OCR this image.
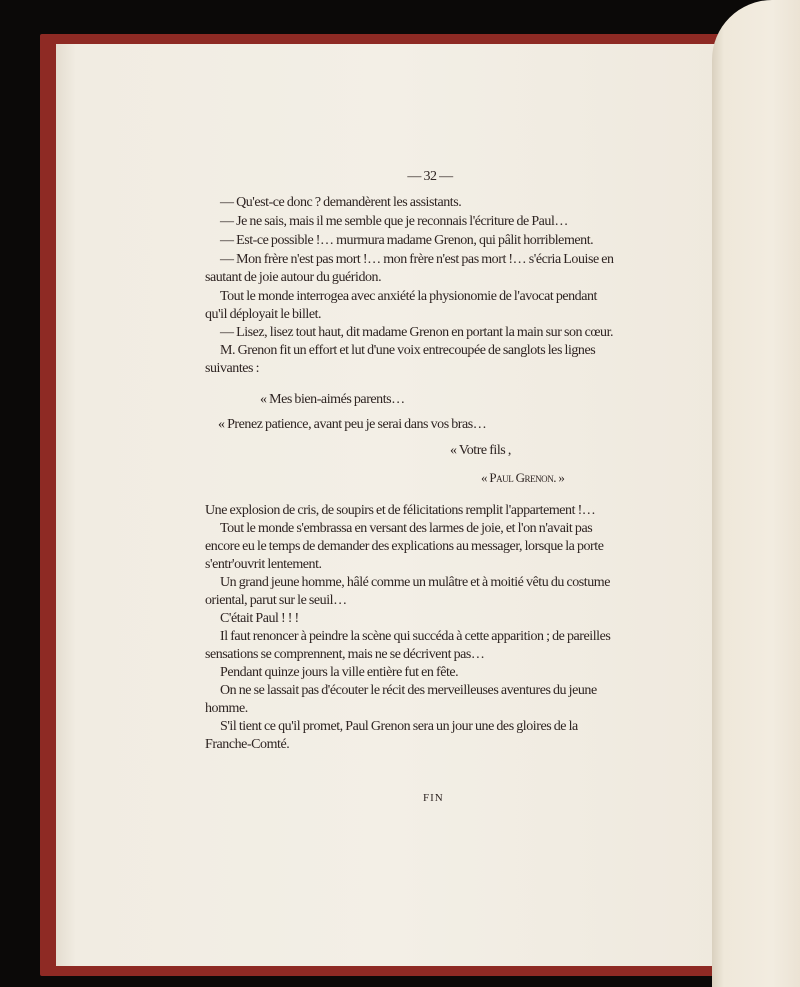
— 32 —
— Qu'est-ce donc ? demandèrent les assistants.
— Je ne sais, mais il me semble que je reconnais l'écriture de Paul…
— Est-ce possible !… murmura madame Grenon, qui pâlit horriblement.
— Mon frère n'est pas mort !… mon frère n'est pas mort !… s'écria Louise en
sautant de joie autour du guéridon.
Tout le monde interrogea avec anxiété la physionomie de l'avocat pendant
qu'il déployait le billet.
— Lisez, lisez tout haut, dit madame Grenon en portant la main sur son cœur.
M. Grenon fit un effort et lut d'une voix entrecoupée de sanglots les lignes
suivantes :
« Mes bien-aimés parents…
« Prenez patience, avant peu je serai dans vos bras…
« Votre fils ,
« Paul Grenon. »
Une explosion de cris, de soupirs et de félicitations remplit l'appartement !…
Tout le monde s'embrassa en versant des larmes de joie, et l'on n'avait pas
encore eu le temps de demander des explications au messager, lorsque la porte
s'entr'ouvrit lentement.
Un grand jeune homme, hâlé comme un mulâtre et à moitié vêtu du costume
oriental, parut sur le seuil…
C'était Paul ! ! !
Il faut renoncer à peindre la scène qui succéda à cette apparition ; de pareilles
sensations se comprennent, mais ne se décrivent pas…
Pendant quinze jours la ville entière fut en fête.
On ne se lassait pas d'écouter le récit des merveilleuses aventures du jeune
homme.
S'il tient ce qu'il promet, Paul Grenon sera un jour une des gloires de la
Franche-Comté.
FIN
